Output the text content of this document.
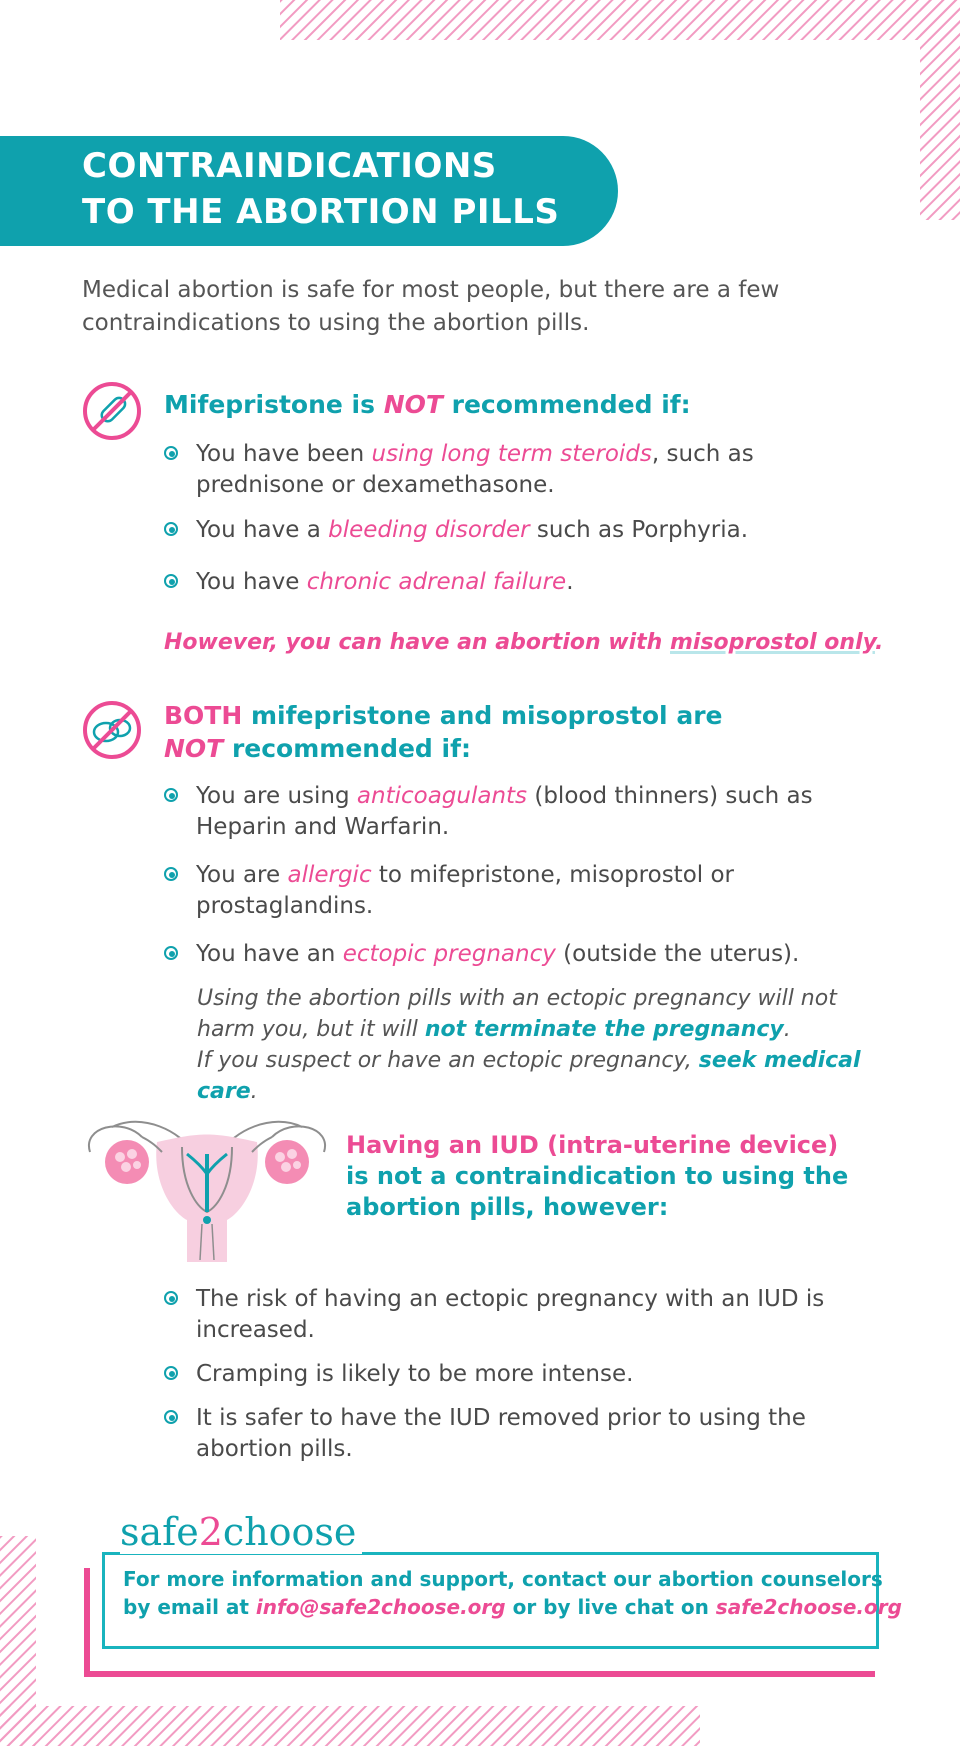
CONTRAINDICATIONS
TO THE ABORTION PILLS
Medical abortion is safe for most people, but there are a few contraindications to using the abortion pills.
Mifepristone is NOT recommended if:
You have been using long term steroids, such as prednisone or dexamethasone.
You have a bleeding disorder such as Porphyria.
You have chronic adrenal failure.
However, you can have an abortion with misoprostol only.
BOTH mifepristone and misoprostol are
NOT recommended if:
You are using anticoagulants (blood thinners) such as Heparin and Warfarin.
You are allergic to mifepristone, misoprostol or prostaglandins.
You have an ectopic pregnancy (outside the uterus).
Using the abortion pills with an ectopic pregnancy will not harm you, but it will not terminate the pregnancy.
If you suspect or have an ectopic pregnancy, seek medical care.
Having an IUD (intra-uterine device) is not a contraindication to using the abortion pills, however:
The risk of having an ectopic pregnancy with an IUD is increased.
Cramping is likely to be more intense.
It is safer to have the IUD removed prior to using the abortion pills.
For more information and support, contact our abortion counselors
by email at info@safe2choose.org or by live chat on safe2choose.org
safe2choose
